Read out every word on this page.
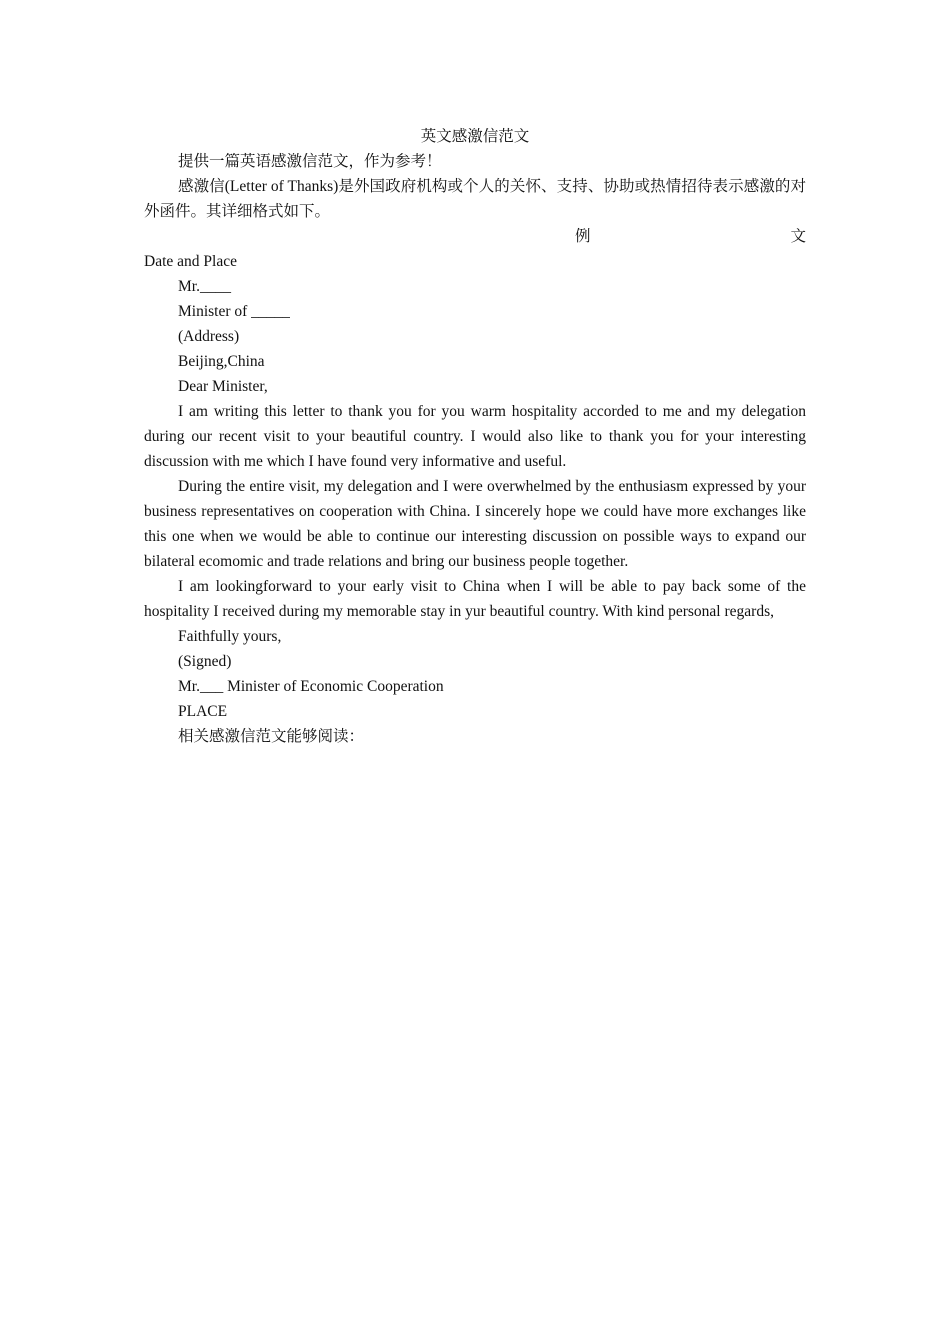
英文感激信范文

提供一篇英语感激信范文，作为参考！

感激信(Letter of Thanks)是外国政府机构或个人的关怀、支持、协助或热情招待表示感激的对外函件。其详细格式如下。

例	文

Date and Place

Mr.____

Minister of _____

(Address)

Beijing,China

Dear Minister,

I am writing this letter to thank you for you warm hospitality accorded to me and my delegation during our recent visit to your beautiful country. I would also like to thank you for your interesting discussion with me which I have found very informative and useful.

During the entire visit, my delegation and I were overwhelmed by the enthusiasm expressed by your business representatives on cooperation with China. I sincerely hope we could have more exchanges like this one when we would be able to continue our interesting discussion on possible ways to expand our bilateral ecomomic and trade relations and bring our business people together.

I am lookingforward to your early visit to China when I will be able to pay back some of the hospitality I received during my memorable stay in yur beautiful country. With kind personal regards,

Faithfully yours,

(Signed)

Mr.___ Minister of Economic Cooperation

PLACE

相关感激信范文能够阅读：
